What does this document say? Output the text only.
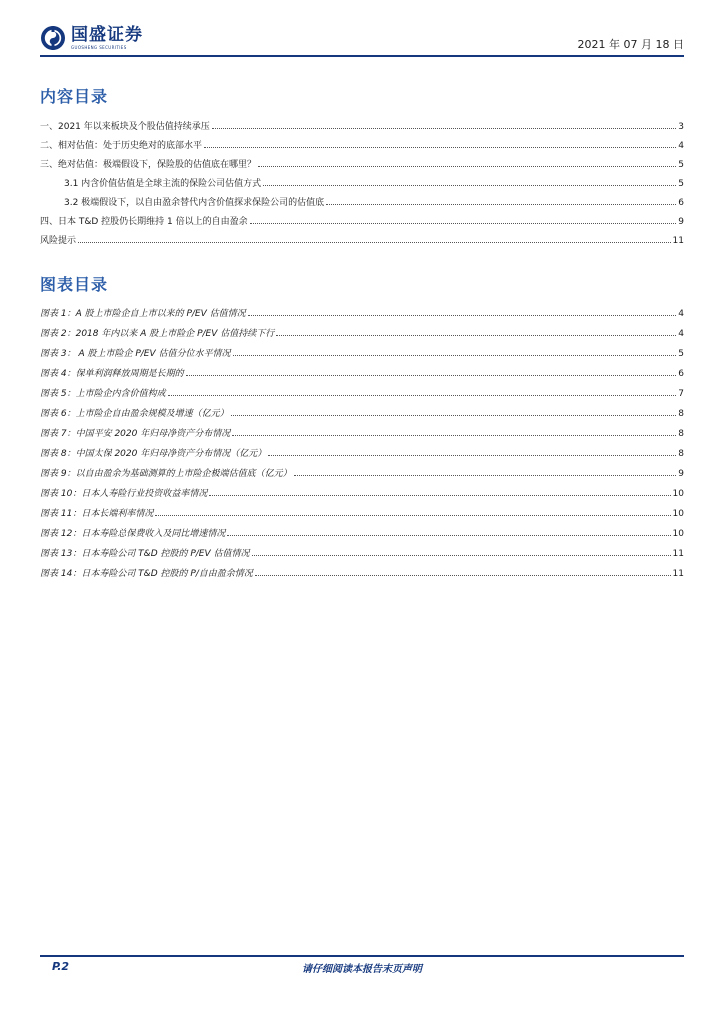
国盛证券
GUOSHENG SECURITIES	2021 年 07 月 18 日
内容目录
一、2021 年以来板块及个股估值持续承压	3
二、相对估值：处于历史绝对的底部水平	4
三、绝对估值：极端假设下，保险股的估值底在哪里？	5
3.1 内含价值估值是全球主流的保险公司估值方式	5
3.2 极端假设下，以自由盈余替代内含价值探求保险公司的估值底	6
四、日本 T&D 控股仍长期维持 1 倍以上的自由盈余	9
风险提示	11
图表目录
图表 1：A 股上市险企自上市以来的 P/EV 估值情况	4
图表 2：2018 年内以来 A 股上市险企 P/EV 估值持续下行	4
图表 3： A 股上市险企 P/EV 估值分位水平情况	5
图表 4：保单利润释放周期是长期的	6
图表 5：上市险企内含价值构成	7
图表 6：上市险企自由盈余规模及增速（亿元）	8
图表 7：中国平安 2020 年归母净资产分布情况	8
图表 8：中国太保 2020 年归母净资产分布情况（亿元）	8
图表 9：以自由盈余为基础测算的上市险企极端估值底（亿元）	9
图表 10：日本人寿险行业投资收益率情况	10
图表 11：日本长端利率情况	10
图表 12：日本寿险总保费收入及同比增速情况	10
图表 13：日本寿险公司 T&D 控股的 P/EV 估值情况	11
图表 14：日本寿险公司 T&D 控股的 P/自由盈余情况	11
P.2	请仔细阅读本报告末页声明
